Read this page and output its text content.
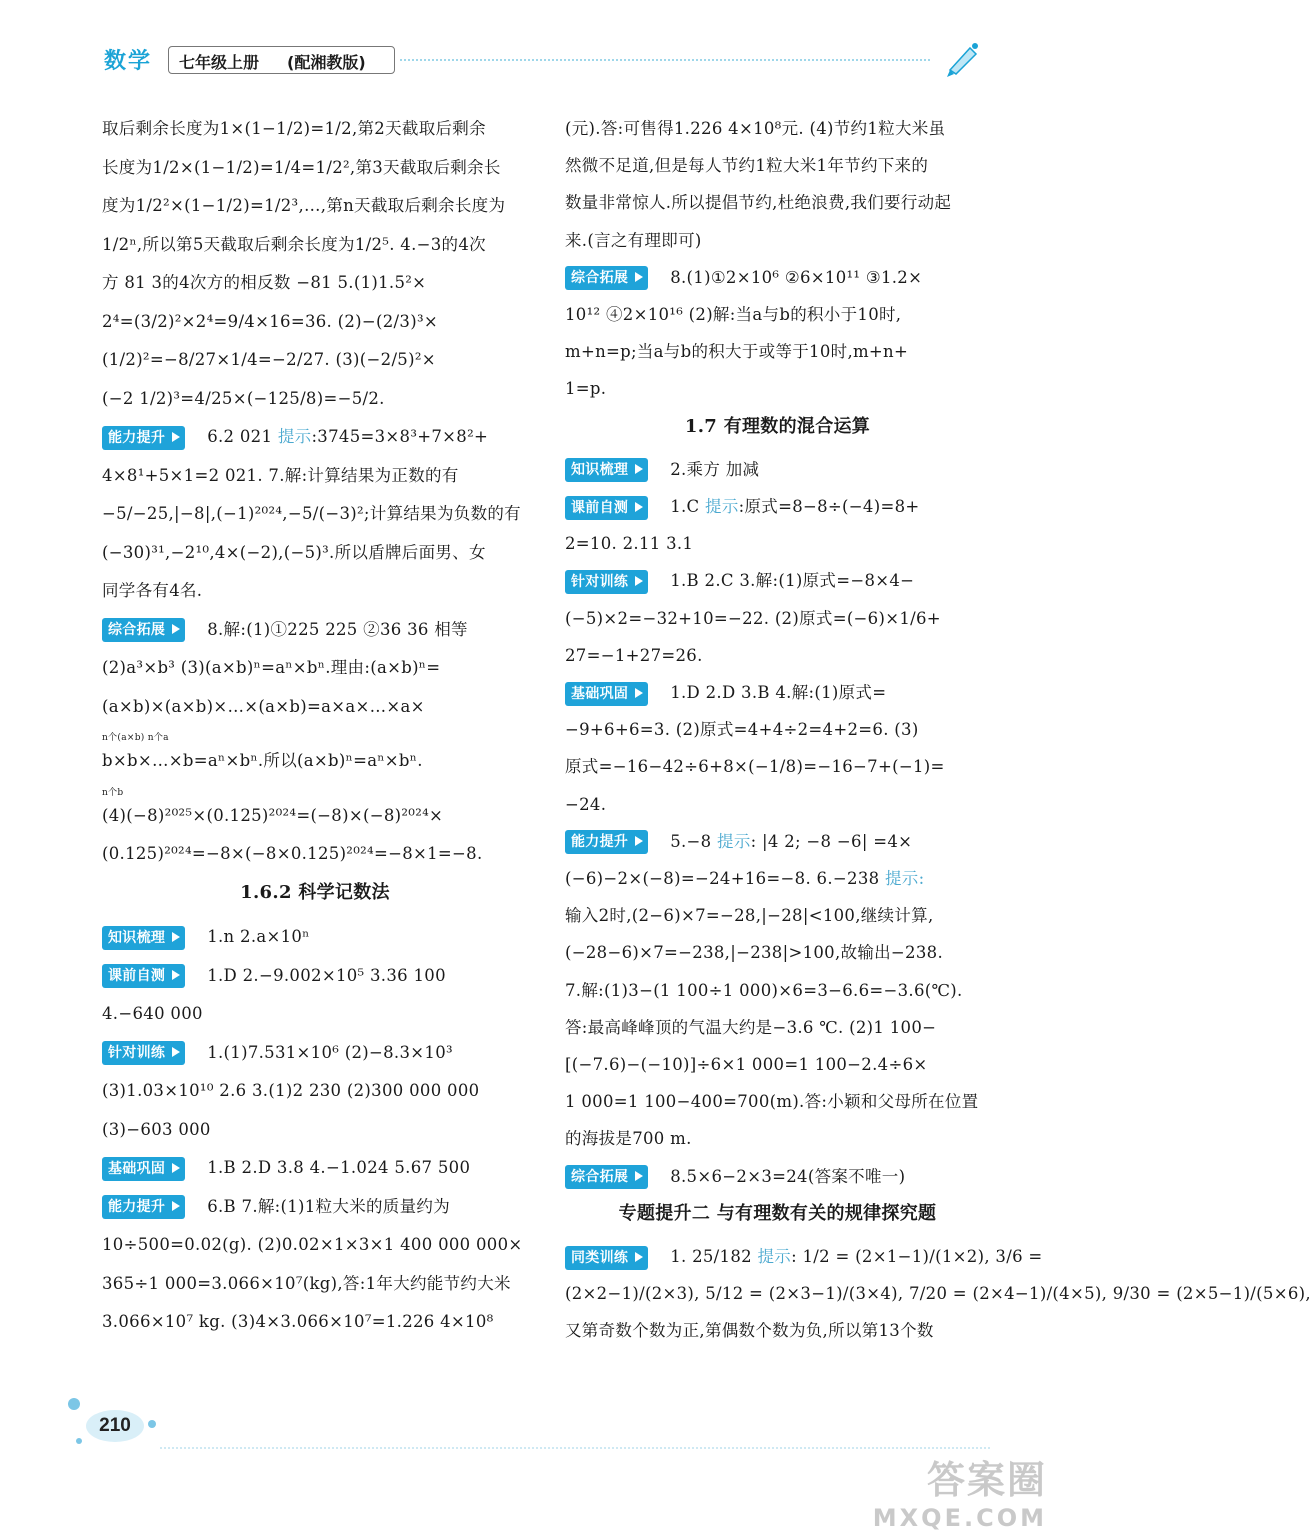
数学 七年级上册 (配湘教版)
取后剩余长度为1×(1−1/2)=1/2,第2天截取后剩余
长度为1/2×(1−1/2)=1/4=1/2²,第3天截取后剩余长
度为1/2²×(1−1/2)=1/2³,…,第n天截取后剩余长度为
1/2ⁿ,所以第5天截取后剩余长度为1/2⁵. 4.−3的4次
方 81 3的4次方的相反数 −81 5.(1)1.5²×
2⁴=(3/2)²×2⁴=9/4×16=36. (2)−(2/3)³×
(1/2)²=−8/27×1/4=−2/27. (3)(−2/5)²×
(−2 1/2)³=4/25×(−125/8)=−5/2.
能力提升	6.2 021 提示:3745=3×8³+7×8²+
4×8¹+5×1=2 021. 7.解:计算结果为正数的有
−5/−25,|−8|,(−1)²⁰²⁴,−5/(−3)²;计算结果为负数的有
(−30)³¹,−2¹⁰,4×(−2),(−5)³.所以盾牌后面男、女
同学各有4名.
综合拓展	8.解:(1)①225 225 ②36 36 相等
(2)a³×b³ (3)(a×b)ⁿ=aⁿ×bⁿ.理由:(a×b)ⁿ=
(a×b)×(a×b)×…×(a×b)=a×a×…×a×
n个(a×b) n个a
b×b×…×b=aⁿ×bⁿ.所以(a×b)ⁿ=aⁿ×bⁿ.
n个b
(4)(−8)²⁰²⁵×(0.125)²⁰²⁴=(−8)×(−8)²⁰²⁴×
(0.125)²⁰²⁴=−8×(−8×0.125)²⁰²⁴=−8×1=−8.
1.6.2 科学记数法
知识梳理	1.n 2.a×10ⁿ
课前自测	1.D 2.−9.002×10⁵ 3.36 100
4.−640 000
针对训练	1.(1)7.531×10⁶ (2)−8.3×10³
(3)1.03×10¹⁰ 2.6 3.(1)2 230 (2)300 000 000
(3)−603 000
基础巩固	1.B 2.D 3.8 4.−1.024 5.67 500
能力提升	6.B 7.解:(1)1粒大米的质量约为
10÷500=0.02(g). (2)0.02×1×3×1 400 000 000×
365÷1 000=3.066×10⁷(kg),答:1年大约能节约大米
3.066×10⁷ kg. (3)4×3.066×10⁷=1.226 4×10⁸
(元).答:可售得1.226 4×10⁸元. (4)节约1粒大米虽
然微不足道,但是每人节约1粒大米1年节约下来的
数量非常惊人.所以提倡节约,杜绝浪费,我们要行动起
来.(言之有理即可)
综合拓展	8.(1)①2×10⁶ ②6×10¹¹ ③1.2×
10¹² ④2×10¹⁶ (2)解:当a与b的积小于10时,
m+n=p;当a与b的积大于或等于10时,m+n+
1=p.
1.7 有理数的混合运算
知识梳理	2.乘方 加减
课前自测	1.C 提示:原式=8−8÷(−4)=8+
2=10. 2.11 3.1
针对训练	1.B 2.C 3.解:(1)原式=−8×4−
(−5)×2=−32+10=−22. (2)原式=(−6)×1/6+
27=−1+27=26.
基础巩固	1.D 2.D 3.B 4.解:(1)原式=
−9+6+6=3. (2)原式=4+4÷2=4+2=6. (3)
原式=−16−42÷6+8×(−1/8)=−16−7+(−1)=
−24.
能力提升	5.−8 提示: |4 2; −8 −6| =4×
(−6)−2×(−8)=−24+16=−8. 6.−238 提示:
输入2时,(2−6)×7=−28,|−28|<100,继续计算,
(−28−6)×7=−238,|−238|>100,故输出−238.
7.解:(1)3−(1 100÷1 000)×6=3−6.6=−3.6(℃).
答:最高峰峰顶的气温大约是−3.6 ℃. (2)1 100−
[(−7.6)−(−10)]÷6×1 000=1 100−2.4÷6×
1 000=1 100−400=700(m).答:小颖和父母所在位置
的海拔是700 m.
综合拓展	8.5×6−2×3=24(答案不唯一)
专题提升二 与有理数有关的规律探究题
同类训练	1. 25/182 提示: 1/2 = (2×1−1)/(1×2), 3/6 =
(2×2−1)/(2×3), 5/12 = (2×3−1)/(3×4), 7/20 = (2×4−1)/(4×5), 9/30 = (2×5−1)/(5×6),
又第奇数个数为正,第偶数个数为负,所以第13个数
210
答案圈
MXQE.COM
